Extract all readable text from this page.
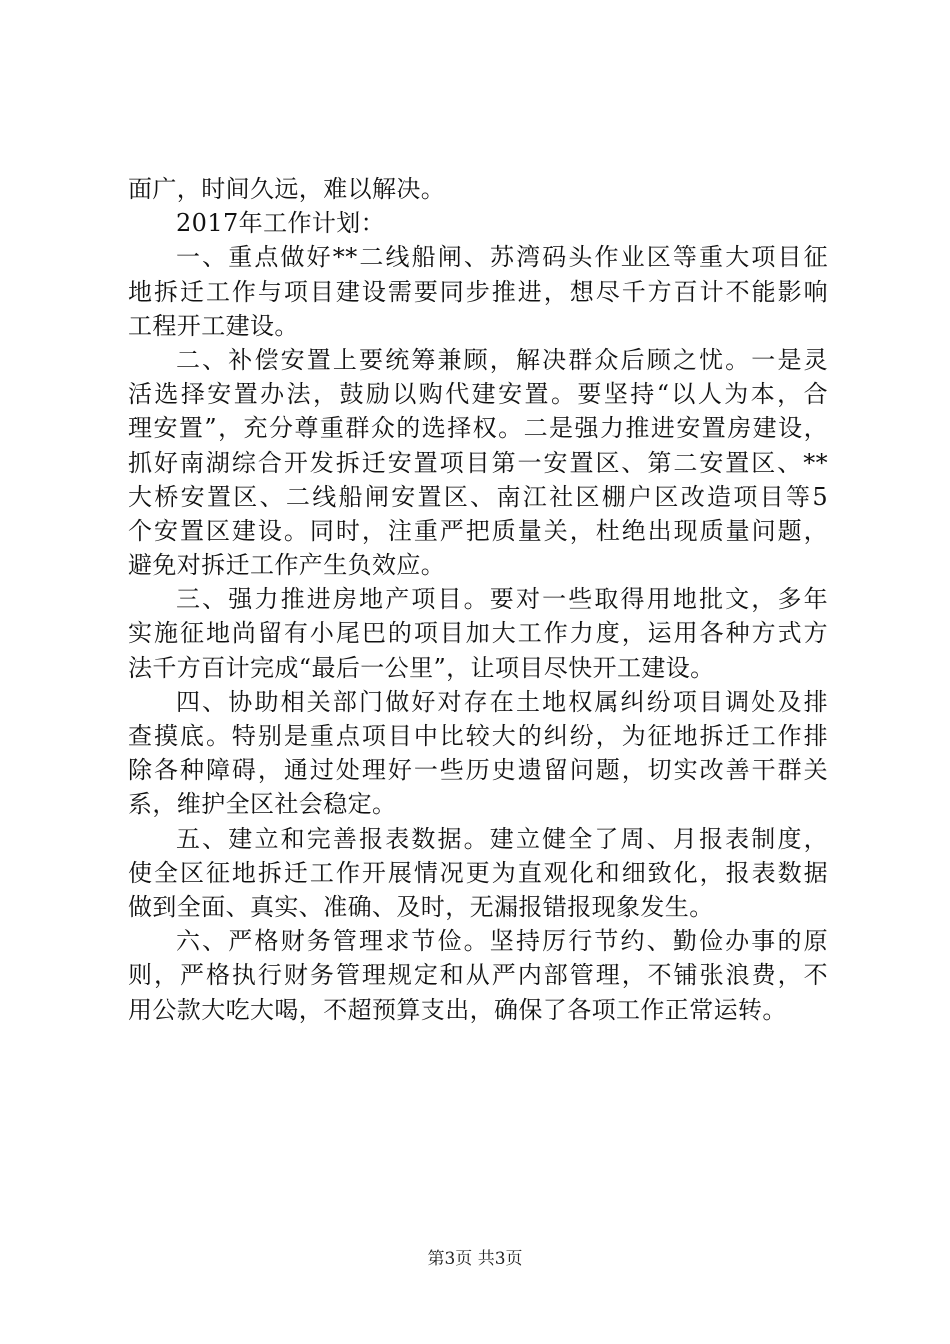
面广，时间久远，难以解决。
2017年工作计划：
一、重点做好**二线船闸、苏湾码头作业区等重大项目征
地拆迁工作与项目建设需要同步推进，想尽千方百计不能影响
工程开工建设。
二、补偿安置上要统筹兼顾，解决群众后顾之忧。一是灵
活选择安置办法，鼓励以购代建安置。要坚持“以人为本，合
理安置”，充分尊重群众的选择权。二是强力推进安置房建设，
抓好南湖综合开发拆迁安置项目第一安置区、第二安置区、**
大桥安置区、二线船闸安置区、南江社区棚户区改造项目等5
个安置区建设。同时，注重严把质量关，杜绝出现质量问题，
避免对拆迁工作产生负效应。
三、强力推进房地产项目。要对一些取得用地批文，多年
实施征地尚留有小尾巴的项目加大工作力度，运用各种方式方
法千方百计完成“最后一公里”，让项目尽快开工建设。
四、协助相关部门做好对存在土地权属纠纷项目调处及排
查摸底。特别是重点项目中比较大的纠纷，为征地拆迁工作排
除各种障碍，通过处理好一些历史遗留问题，切实改善干群关
系，维护全区社会稳定。
五、建立和完善报表数据。建立健全了周、月报表制度，
使全区征地拆迁工作开展情况更为直观化和细致化，报表数据
做到全面、真实、准确、及时，无漏报错报现象发生。
六、严格财务管理求节俭。坚持厉行节约、勤俭办事的原
则，严格执行财务管理规定和从严内部管理，不铺张浪费，不
用公款大吃大喝，不超预算支出，确保了各项工作正常运转。
第3页 共3页
